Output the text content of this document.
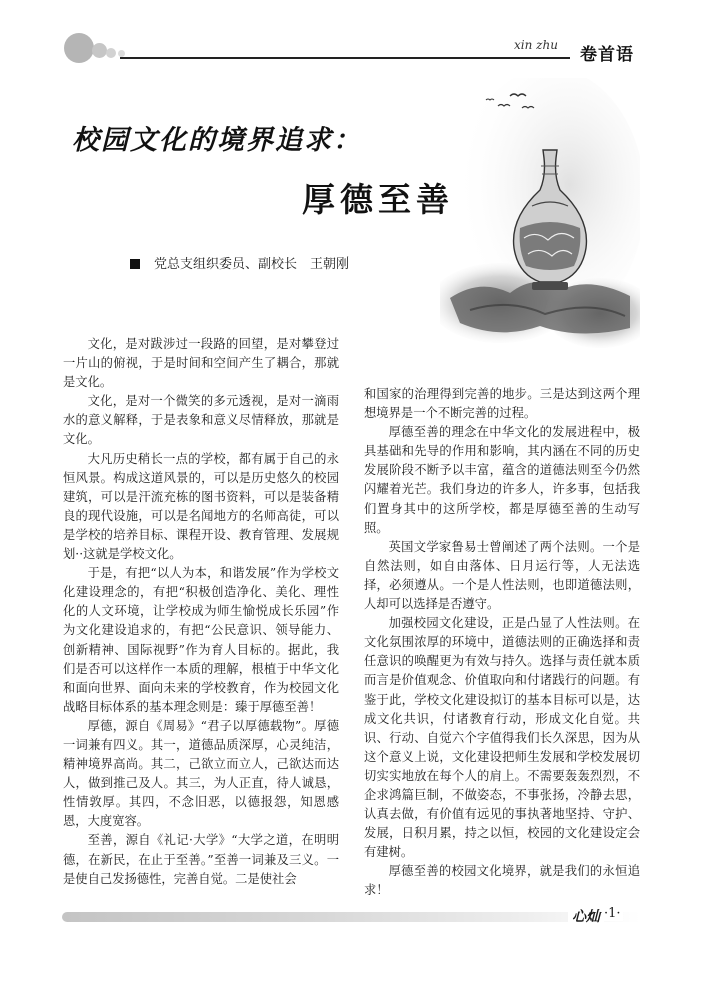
xin zhu 卷首语
校园文化的境界追求：
厚德至善
党总支组织委员、副校长　王朝刚

文化，是对跋涉过一段路的回望，是对攀登过一片山的俯视，于是时间和空间产生了耦合，那就是文化。

文化，是对一个微笑的多元透视，是对一滴雨水的意义解释，于是表象和意义尽情释放，那就是文化。

大凡历史稍长一点的学校，都有属于自己的永恒风景。构成这道风景的，可以是历史悠久的校园建筑，可以是汗流充栋的图书资料，可以是装备精良的现代设施，可以是名闻地方的名师高徒，可以是学校的培养目标、课程开设、教育管理、发展规划··这就是学校文化。

于是，有把“以人为本，和谐发展”作为学校文化建设理念的，有把“积极创造净化、美化、理性化的人文环境，让学校成为师生愉悦成长乐园”作为文化建设追求的，有把“公民意识、领导能力、创新精神、国际视野”作为育人目标的。据此，我们是否可以这样作一本质的理解，根植于中华文化和面向世界、面向未来的学校教育，作为校园文化战略目标体系的基本理念则是：臻于厚德至善！

厚德，源自《周易》“君子以厚德载物”。厚德一词兼有四义。其一，道德品质深厚，心灵纯洁，精神境界高尚。其二，己欲立而立人，己欲达而达人，做到推己及人。其三，为人正直，待人诚恳，性情敦厚。其四，不念旧恶，以德报怨，知恩感恩，大度宽容。

至善，源自《礼记·大学》“大学之道，在明明德，在新民，在止于至善。”至善一词兼及三义。一是使自己发扬德性，完善自觉。二是使社会

和国家的治理得到完善的地步。三是达到这两个理想境界是一个不断完善的过程。

厚德至善的理念在中华文化的发展进程中，极具基础和先导的作用和影响，其内涵在不同的历史发展阶段不断予以丰富，蕴含的道德法则至今仍然闪耀着光芒。我们身边的许多人，许多事，包括我们置身其中的这所学校，都是厚德至善的生动写照。

英国文学家鲁易士曾阐述了两个法则。一个是自然法则，如自由落体、日月运行等，人无法选择，必须遵从。一个是人性法则，也即道德法则，人却可以选择是否遵守。

加强校园文化建设，正是凸显了人性法则。在文化氛围浓厚的环境中，道德法则的正确选择和责任意识的唤醒更为有效与持久。选择与责任就本质而言是价值观念、价值取向和付诸践行的问题。有鉴于此，学校文化建设拟订的基本目标可以是，达成文化共识，付诸教育行动，形成文化自觉。共识、行动、自觉六个字值得我们长久深思，因为从这个意义上说，文化建设把师生发展和学校发展切切实实地放在每个人的肩上。不需要轰轰烈烈，不企求鸿篇巨制，不做姿态，不事张扬，冷静去思，认真去做，有价值有远见的事执著地坚持、守护、发展，日积月累，持之以恒，校园的文化建设定会有建树。

厚德至善的校园文化境界，就是我们的永恒追求！

心灿 ·1·
